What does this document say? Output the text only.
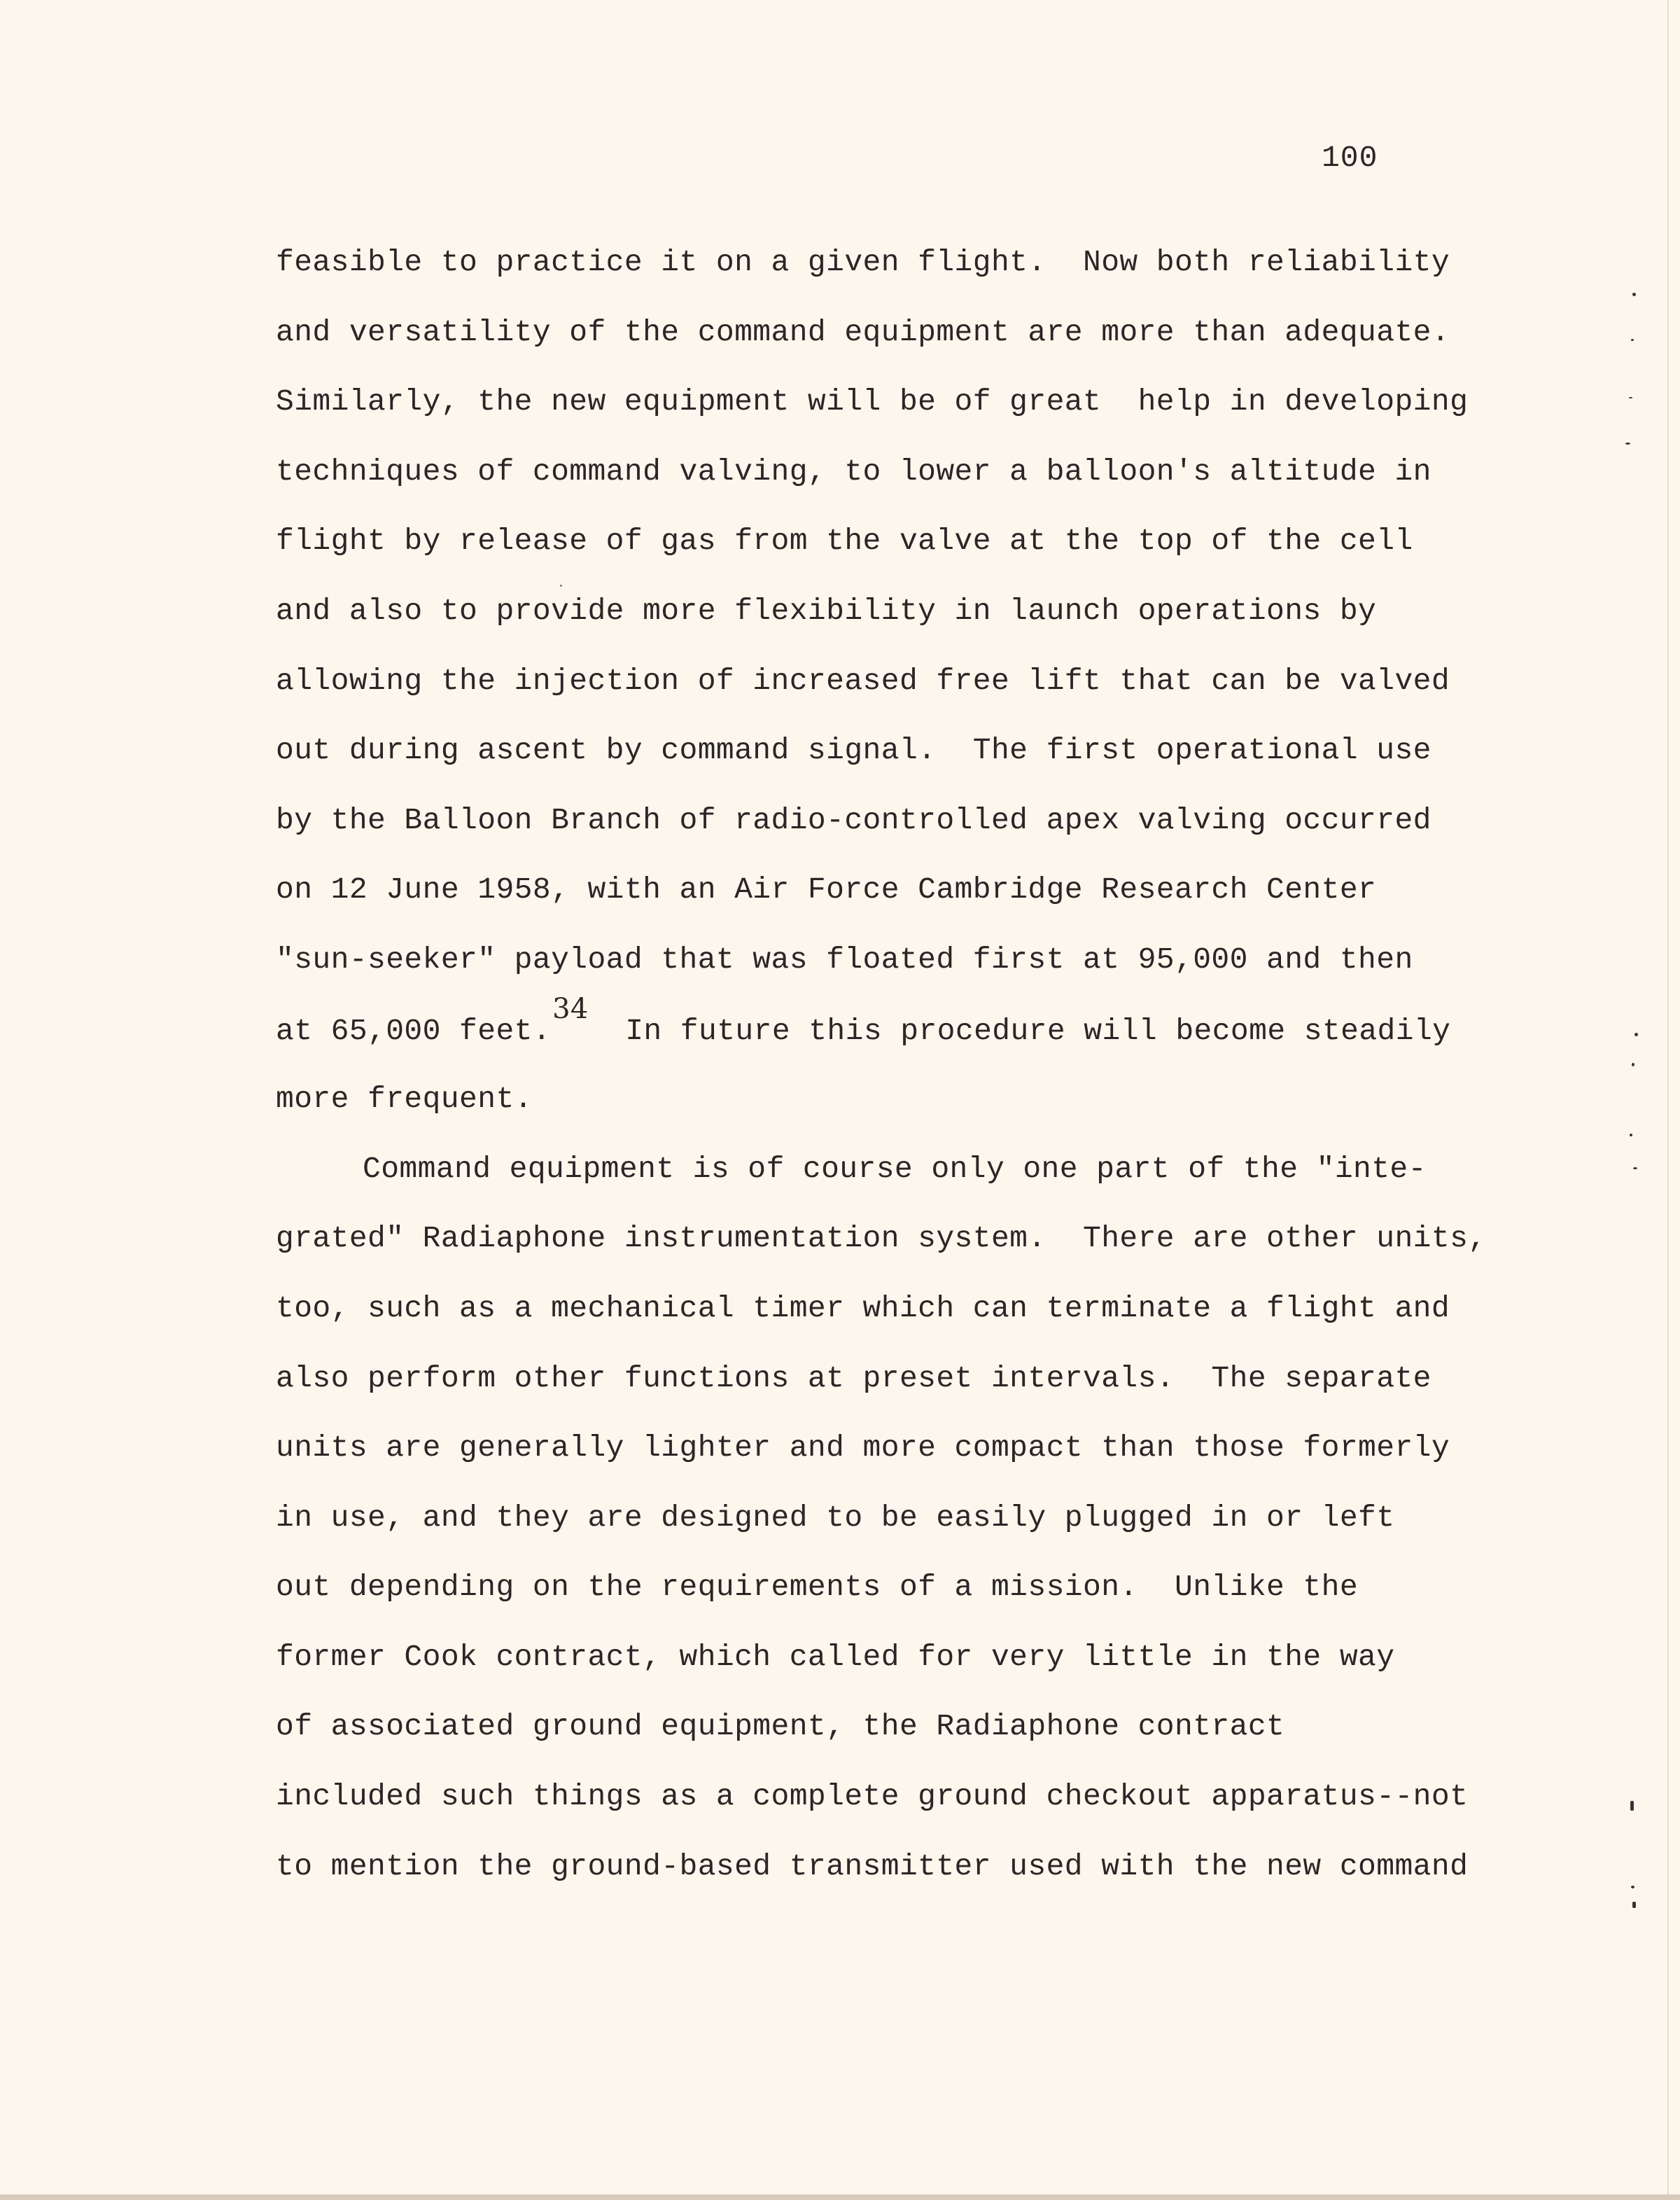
100
feasible to practice it on a given flight.  Now both reliability
and versatility of the command equipment are more than adequate.
Similarly, the new equipment will be of great  help in developing
techniques of command valving, to lower a balloon's altitude in
flight by release of gas from the valve at the top of the cell
and also to provide more flexibility in launch operations by
allowing the injection of increased free lift that can be valved
out during ascent by command signal.  The first operational use
by the Balloon Branch of radio-controlled apex valving occurred
on 12 June 1958, with an Air Force Cambridge Research Center
"sun-seeker" payload that was floated first at 95,000 and then
at 65,000 feet.34  In future this procedure will become steadily
more frequent.
Command equipment is of course only one part of the "inte-
grated" Radiaphone instrumentation system.  There are other units,
too, such as a mechanical timer which can terminate a flight and
also perform other functions at preset intervals.  The separate
units are generally lighter and more compact than those formerly
in use, and they are designed to be easily plugged in or left
out depending on the requirements of a mission.  Unlike the
former Cook contract, which called for very little in the way
of associated ground equipment, the Radiaphone contract
included such things as a complete ground checkout apparatus--not
to mention the ground-based transmitter used with the new command
